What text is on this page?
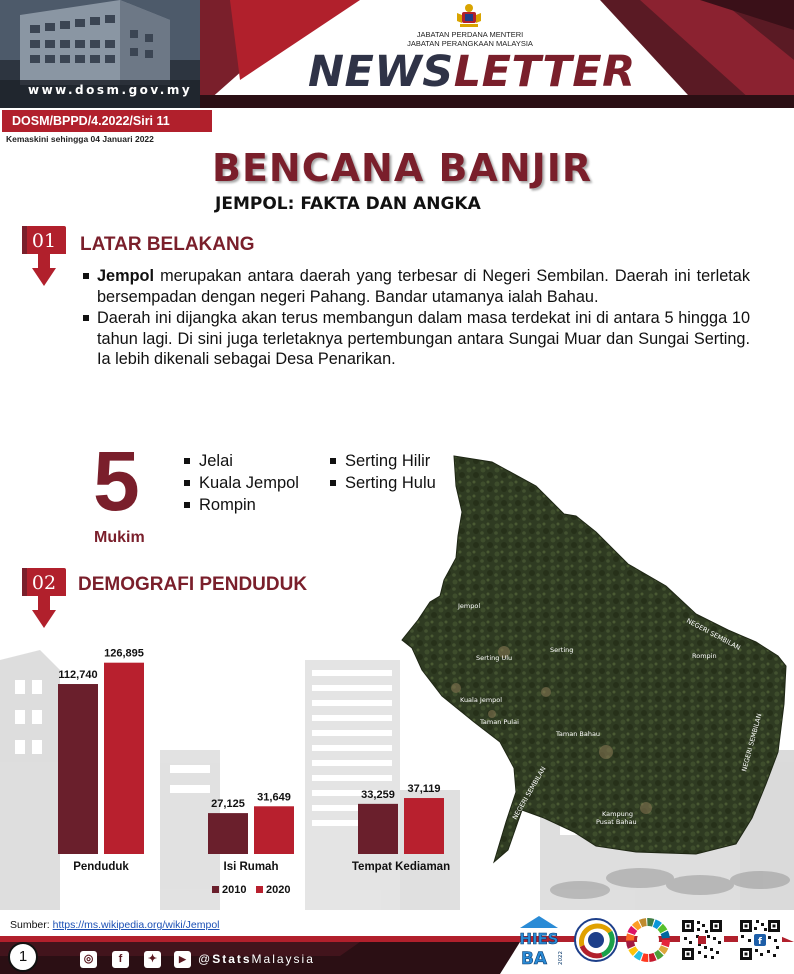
www.dosm.gov.my
JABATAN PERDANA MENTERI
JABATAN PERANGKAAN MALAYSIA
NEWSLETTER
DOSM/BPPD/4.2022/Siri 11
Kemaskini sehingga 04 Januari 2022
BENCANA BANJIR
JEMPOL: FAKTA DAN ANGKA
01	LATAR BELAKANG
Jempol merupakan antara daerah yang terbesar di Negeri Sembilan. Daerah ini terletak bersempadan dengan negeri Pahang. Bandar utamanya ialah Bahau.
Daerah ini dijangka akan terus membangun dalam masa terdekat ini di antara 5 hingga 10 tahun lagi. Di sini juga terletaknya pertembungan antara Sungai Muar dan Sungai Serting. Ia lebih dikenali sebagai Desa Penarikan.
5
Mukim
Jelai
Kuala Jempol
Rompin
Serting Hilir
Serting Hulu
Jempol
NEGERI SEMBILAN
Rompin
Serting Ulu
Serting
Kuala Jempol
Taman Pulai
Taman Bahau	NEGERI SEMBILAN
NEGERI SEMBILAN	Kampung
Pusat Bahau
02	DEMOGRAFI PENDUDUK
112,740
126,895
Penduduk
27,125
31,649
Isi Rumah
33,259 37,119
Tempat Kediaman
2010 2020
Sumber: https://ms.wikipedia.org/wiki/Jempol
1	◎	f	✦	▶	@StatsMalaysia
HIES
BA 2022
f
